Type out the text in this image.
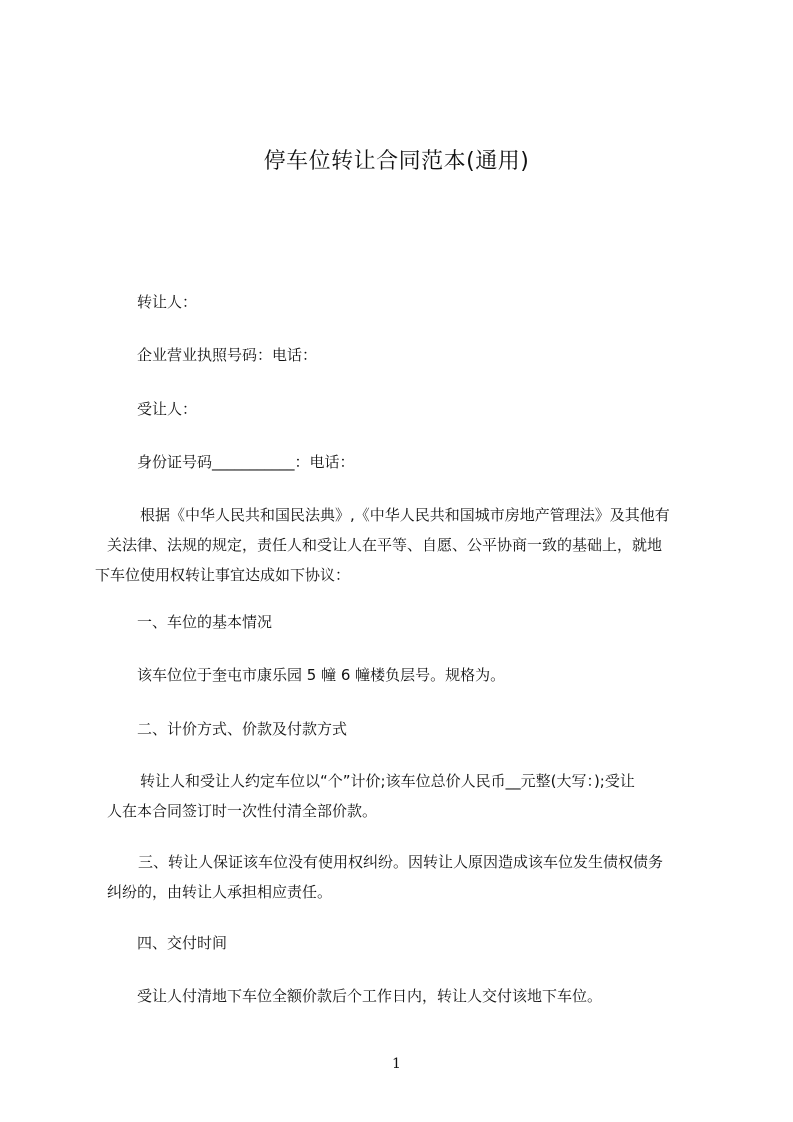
停车位转让合同范本(通用)

转让人：

企业营业执照号码：电话：

受让人：

身份证号码___________：电话：

根据《中华人民共和国民法典》,《中华人民共和国城市房地产管理法》及其他有
关法律、法规的规定，责任人和受让人在平等、自愿、公平协商一致的基础上，就地
下车位使用权转让事宜达成如下协议：

一、车位的基本情况

该车位位于奎屯市康乐园 5 幢 6 幢楼负层号。规格为。

二、计价方式、价款及付款方式

转让人和受让人约定车位以“个”计价;该车位总价人民币__元整(大写：);受让
人在本合同签订时一次性付清全部价款。
三、转让人保证该车位没有使用权纠纷。因转让人原因造成该车位发生债权债务
纠纷的，由转让人承担相应责任。

四、交付时间

受让人付清地下车位全额价款后个工作日内，转让人交付该地下车位。

1
